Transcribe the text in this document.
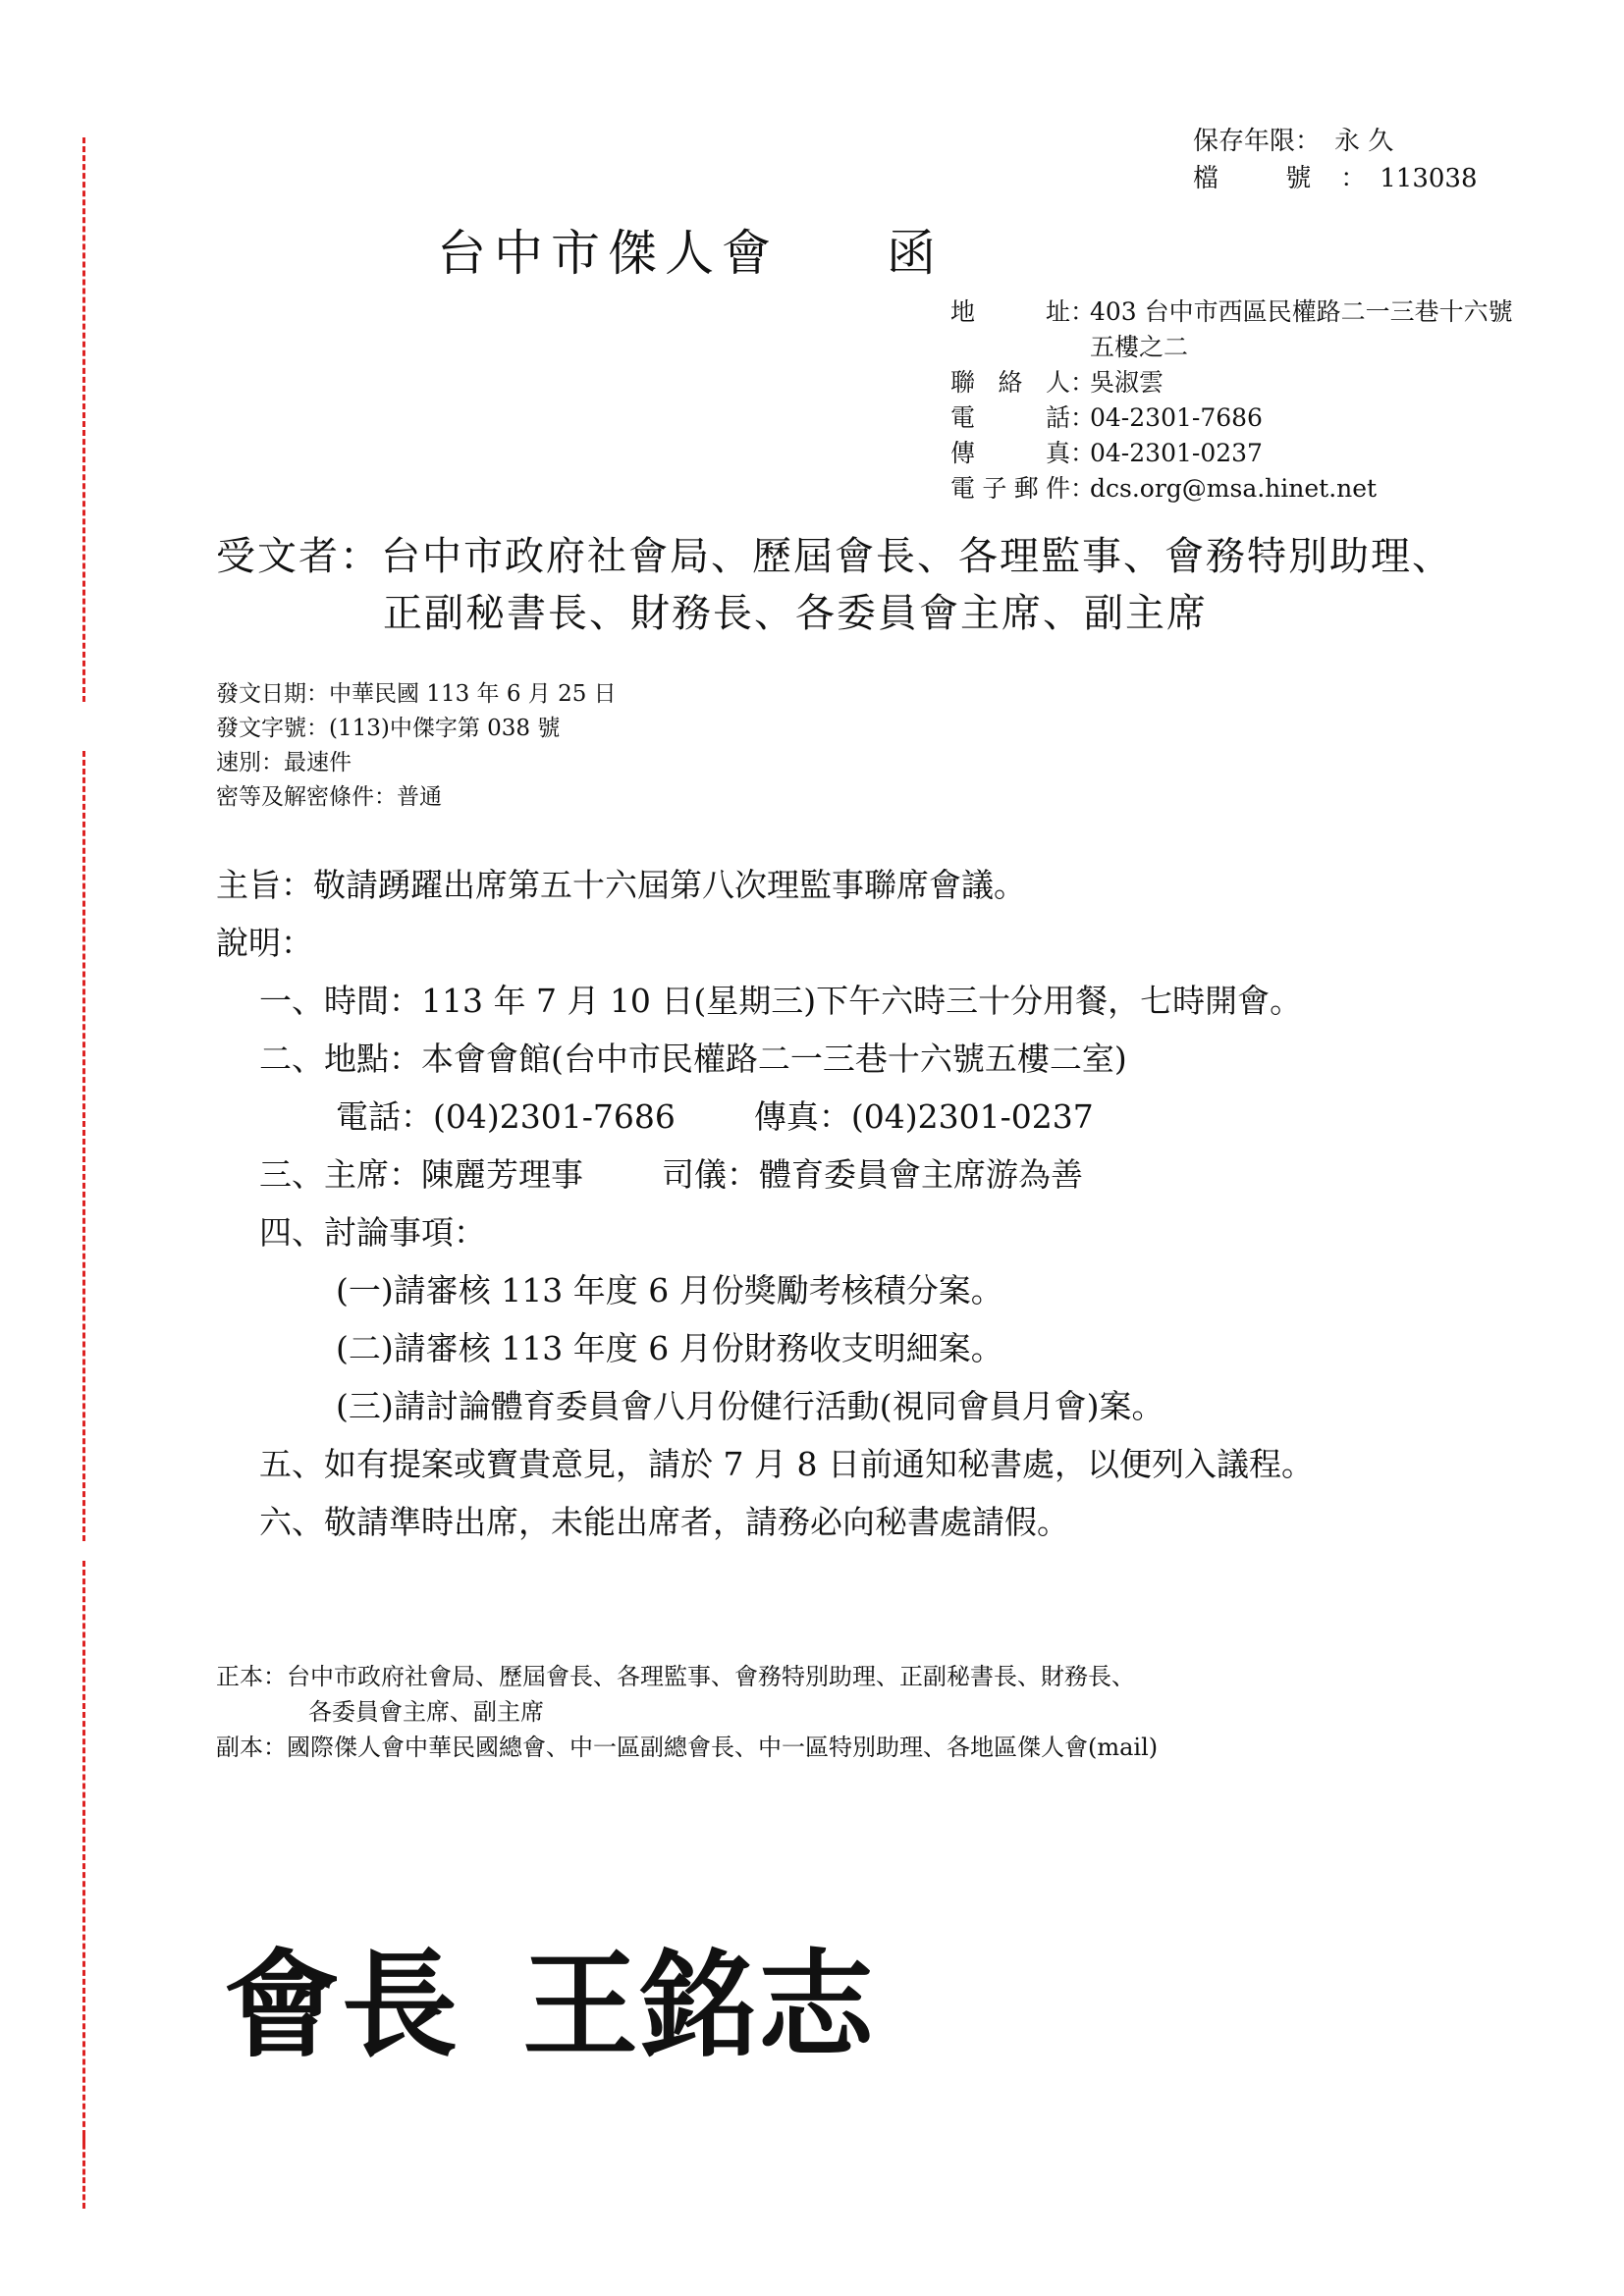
保存年限： 永 久
檔 號：
113038
台中市傑人會 函
地 址 ：
403 台中市西區民權路二一三巷十六號
五樓之二
聯絡人 ：
吳淑雲
電 話 ：
04-2301-7686
傳 真 ：
04-2301-0237
電子郵件 ：
dcs.org@msa.hinet.net
受文者：台中市政府社會局、歷屆會長、各理監事、會務特別助理、
正副秘書長、財務長、各委員會主席、副主席
發文日期：中華民國 113 年 6 月 25 日
發文字號：(113)中傑字第 038 號
速別：最速件
密等及解密條件：普通
主旨：敬請踴躍出席第五十六屆第八次理監事聯席會議。
說明：
一、時間：113 年 7 月 10 日(星期三)下午六時三十分用餐，七時開會。
二、地點：本會會館(台中市民權路二一三巷十六號五樓二室)
電話：(04)2301-7686 傳真：(04)2301-0237
三、主席：陳麗芳理事 司儀：體育委員會主席游為善
四、討論事項：
(一)請審核 113 年度 6 月份獎勵考核積分案。
(二)請審核 113 年度 6 月份財務收支明細案。
(三)請討論體育委員會八月份健行活動(視同會員月會)案。
五、如有提案或寶貴意見，請於 7 月 8 日前通知秘書處，以便列入議程。
六、敬請準時出席，未能出席者，請務必向秘書處請假。
正本：台中市政府社會局、歷屆會長、各理監事、會務特別助理、正副秘書長、財務長、
各委員會主席、副主席
副本：國際傑人會中華民國總會、中一區副總會長、中一區特別助理、各地區傑人會(mail)
會長 王銘志
